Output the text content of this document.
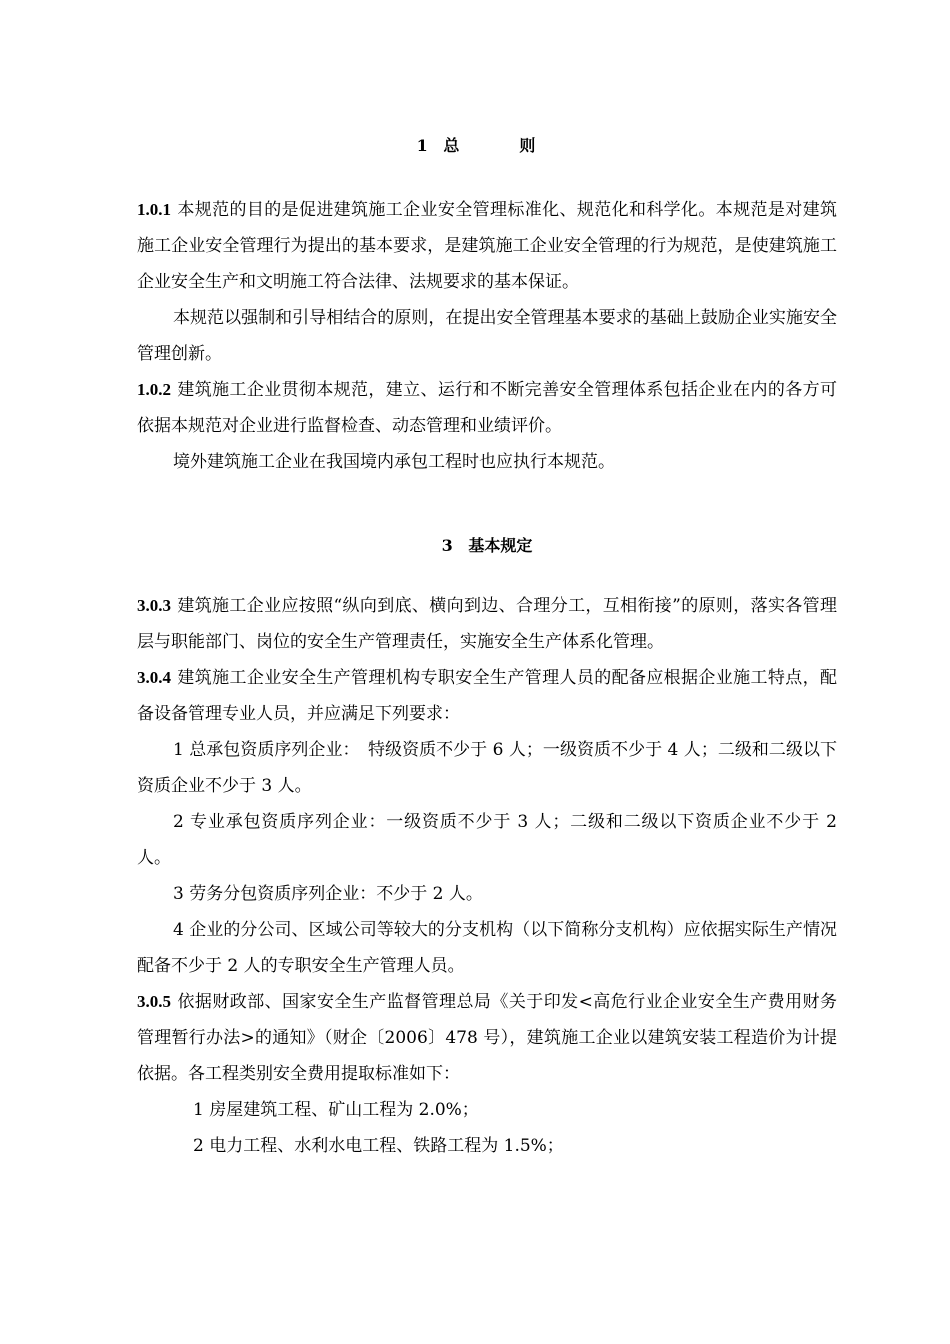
1 总　则

1.0.1 本规范的目的是促进建筑施工企业安全管理标准化、规范化和科学化。本规范是对建筑施工企业安全管理行为提出的基本要求，是建筑施工企业安全管理的行为规范，是使建筑施工企业安全生产和文明施工符合法律、法规要求的基本保证。

本规范以强制和引导相结合的原则，在提出安全管理基本要求的基础上鼓励企业实施安全管理创新。

1.0.2 建筑施工企业贯彻本规范，建立、运行和不断完善安全管理体系包括企业在内的各方可依据本规范对企业进行监督检查、动态管理和业绩评价。

境外建筑施工企业在我国境内承包工程时也应执行本规范。

3 基本规定

3.0.3 建筑施工企业应按照“纵向到底、横向到边、合理分工，互相衔接”的原则，落实各管理层与职能部门、岗位的安全生产管理责任，实施安全生产体系化管理。

3.0.4 建筑施工企业安全生产管理机构专职安全生产管理人员的配备应根据企业施工特点，配备设备管理专业人员，并应满足下列要求：

1 总承包资质序列企业：　特级资质不少于 6 人；一级资质不少于 4 人；二级和二级以下资质企业不少于 3 人。

2 专业承包资质序列企业：一级资质不少于 3 人；二级和二级以下资质企业不少于 2 人。

3 劳务分包资质序列企业：不少于 2 人。

4 企业的分公司、区域公司等较大的分支机构（以下简称分支机构）应依据实际生产情况配备不少于 2 人的专职安全生产管理人员。

3.0.5 依据财政部、国家安全生产监督管理总局《关于印发<高危行业企业安全生产费用财务管理暂行办法>的通知》（财企〔2006〕478 号），建筑施工企业以建筑安装工程造价为计提依据。各工程类别安全费用提取标准如下：

1 房屋建筑工程、矿山工程为 2.0%；

2 电力工程、水利水电工程、铁路工程为 1.5%；
